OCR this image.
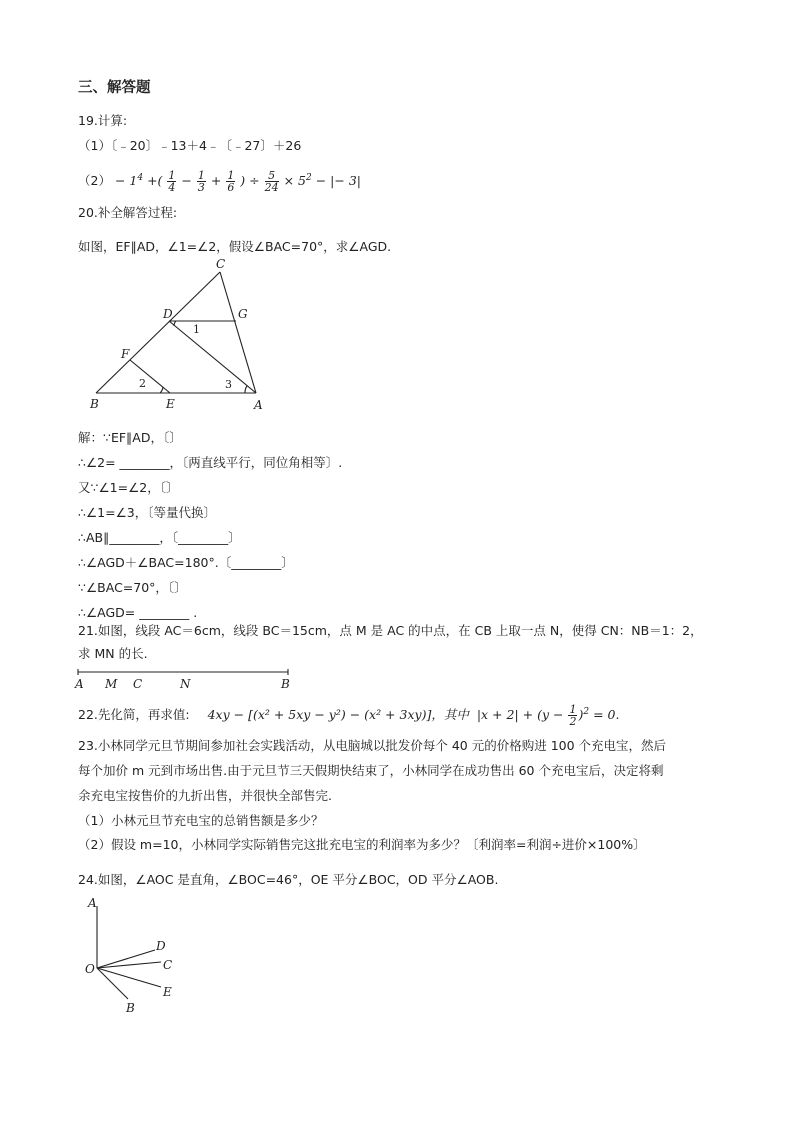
三、解答题
19.计算:
（1）〔﹣20〕﹣13＋4﹣〔﹣27〕＋26
$(2) - 1^4$ +( $\frac{1}{4} - \frac{1}{3} + \frac{1}{6}$ ) ÷ $\frac{5}{24} \times 5^2$ − |− 3|
20.补全解答过程:
如图，EF∥AD，∠1=∠2，假设∠BAC=70°，求∠AGD.
C
D	G
F
B	E	A
1
2	3
解：∵EF∥AD，〔〕
∴∠2= ________，〔两直线平行，同位角相等〕.
又∵∠1=∠2，〔〕
∴∠1=∠3，〔等量代换〕
∴AB∥________，〔________〕
∴∠AGD＋∠BAC=180°.〔________〕
∵∠BAC=70°，〔〕
∴∠AGD= ________ .
21.如图，线段 AC＝6cm，线段 BC＝15cm，点 M 是 AC 的中点，在 CB 上取一点 N，使得 CN：NB＝1：2，
求 MN 的长.
A M C	N	B
22.先化简，再求值: 4xy − [(x² + 5xy − y²) − (x² + 3xy)]，其中 $|x + 2| + (y - \frac{1}{2} )^2 = 0$.
23.小林同学元旦节期间参加社会实践活动，从电脑城以批发价每个 40 元的价格购进 100 个充电宝，然后
每个加价 m 元到市场出售.由于元旦节三天假期快结束了，小林同学在成功售出 60 个充电宝后，决定将剩
余充电宝按售价的九折出售，并很快全部售完.
（1）小林元旦节充电宝的总销售额是多少？
（2）假设 m=10，小林同学实际销售完这批充电宝的利润率为多少？〔利润率=利润÷进价×100%〕
24.如图，∠AOC 是直角，∠BOC=46°，OE 平分∠BOC，OD 平分∠AOB.
A
D
C
O
E
B
